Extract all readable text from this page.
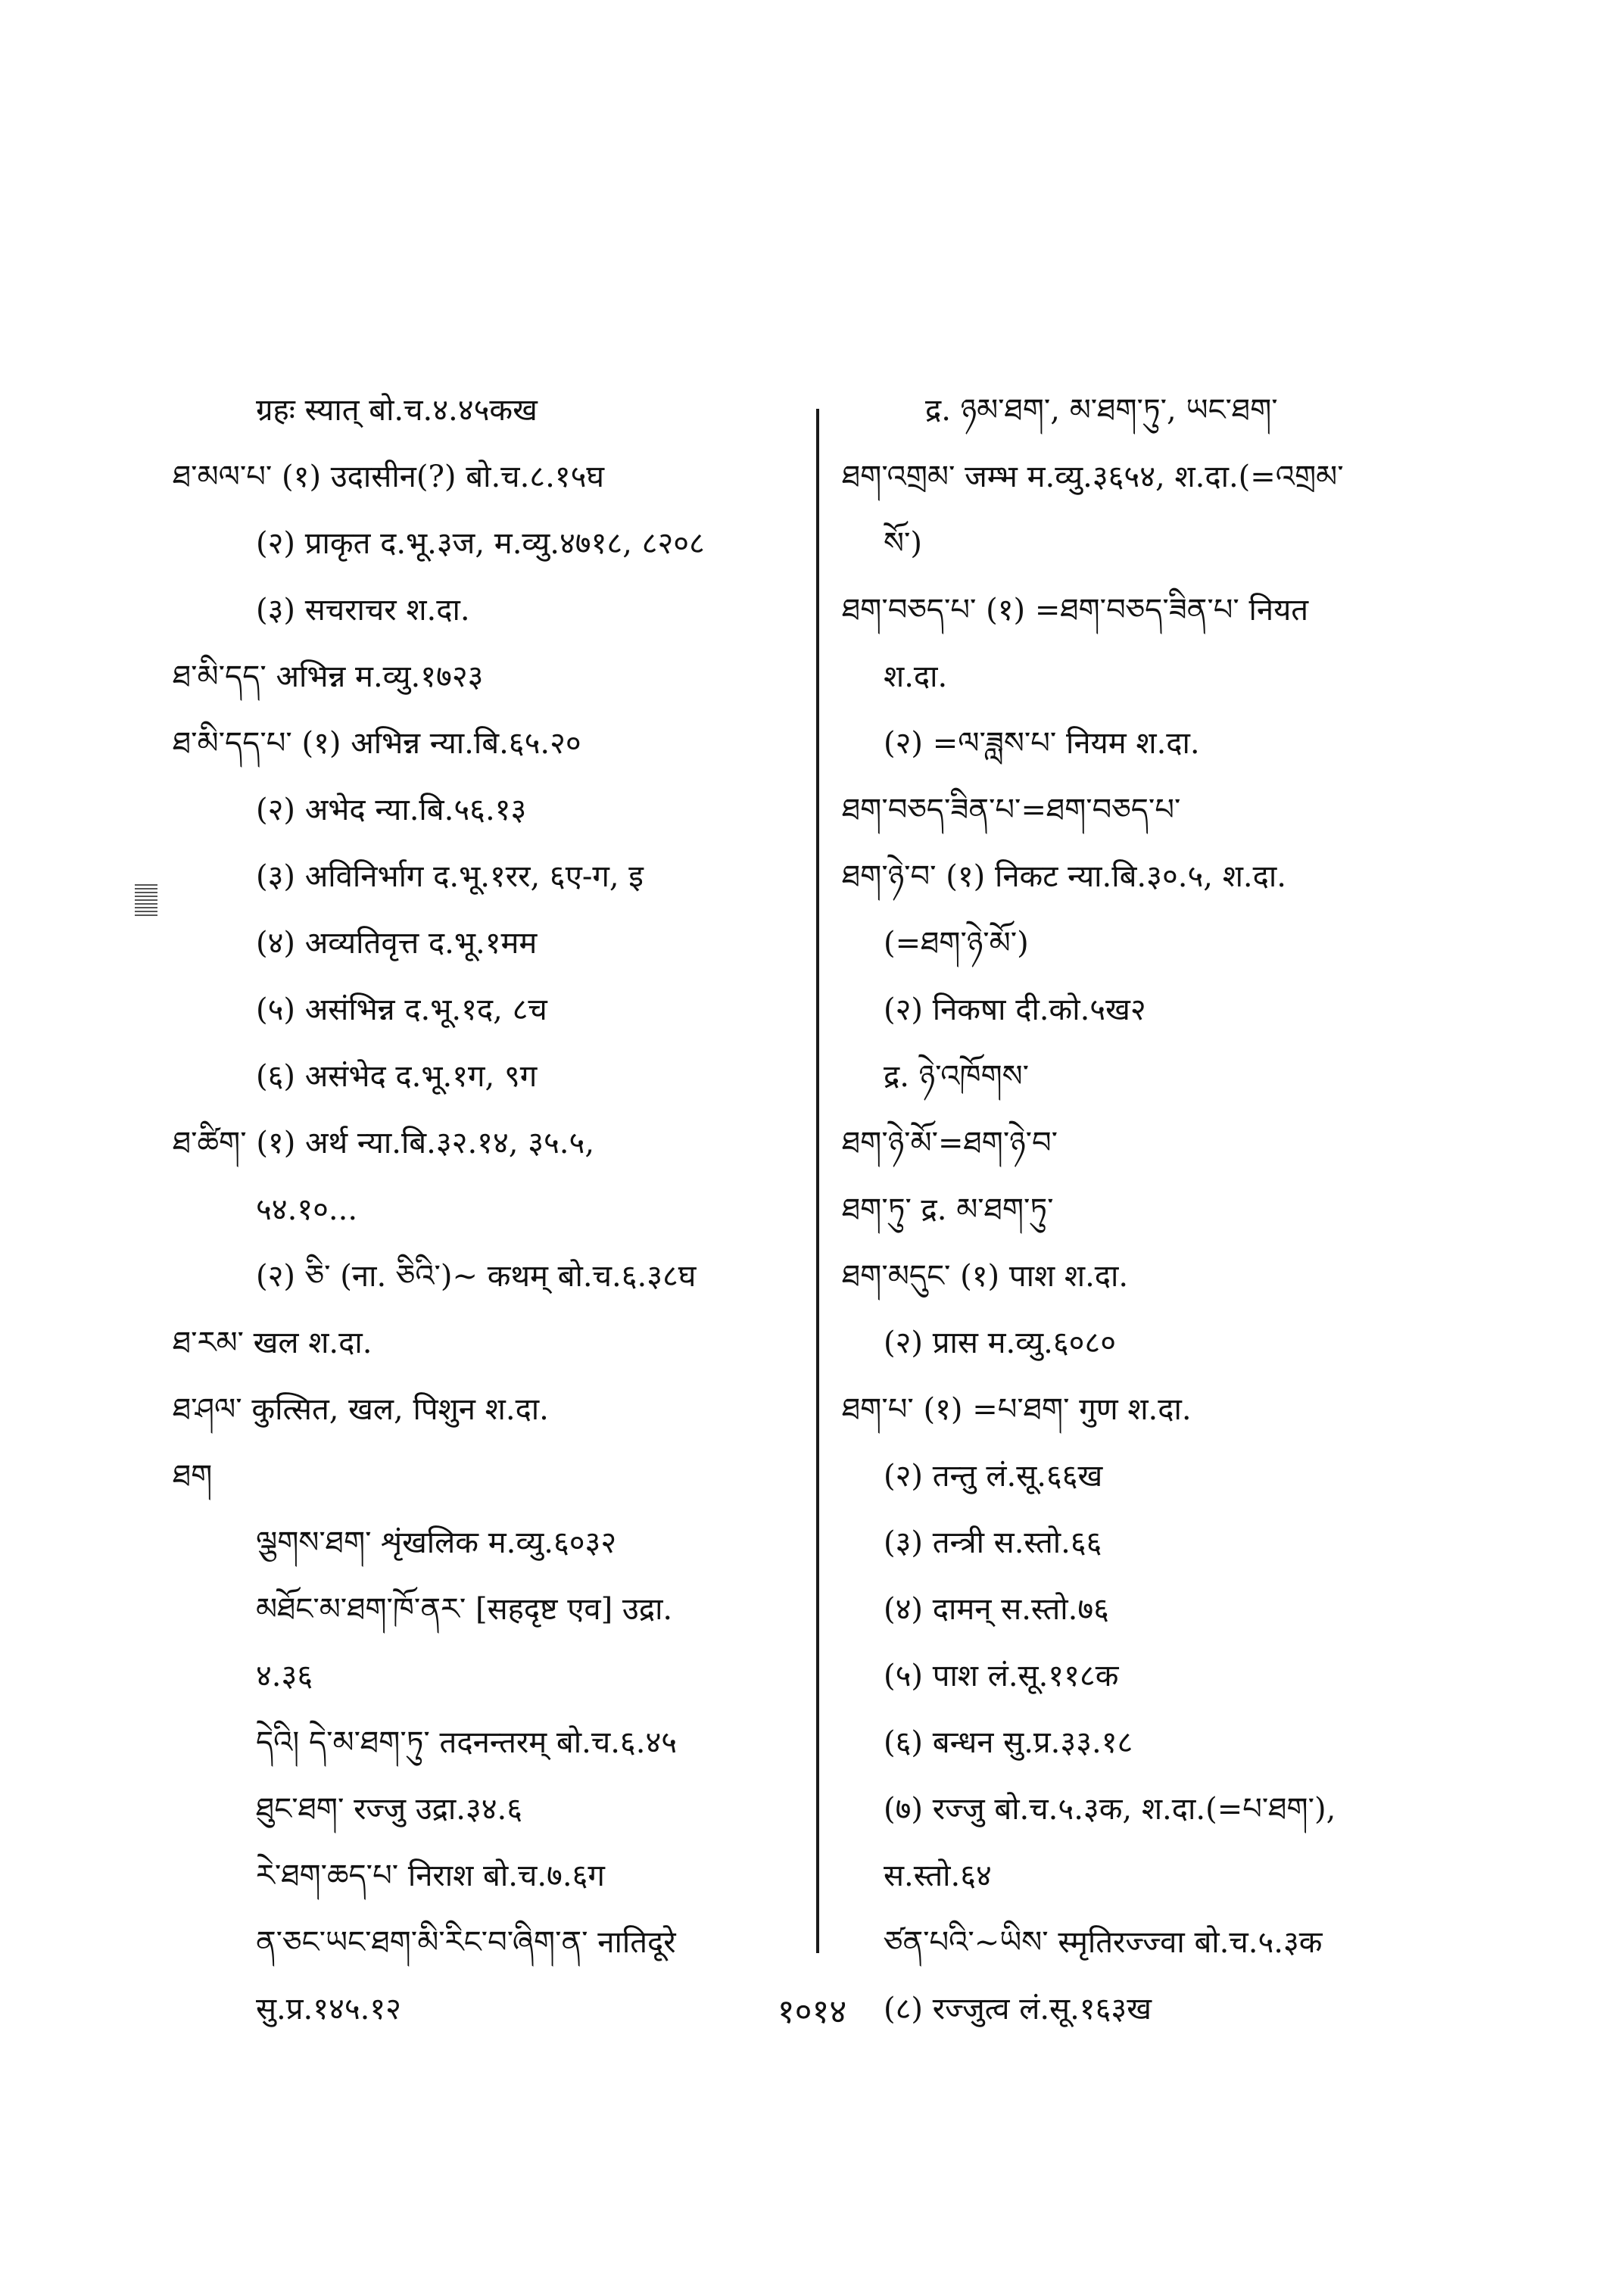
ग्रहः स्यात् बो.च.४.४५कख
ཐ་མལ་པ་ (१) उदासीन(?) बो.च.८.१५घ
(२) प्राकृत द.भू.३ज, म.व्यु.४७१८, ८२०८
(३) सचराचर श.दा.
ཐ་མི་དད་ अभिन्न म.व्यु.१७२३
ཐ་མི་དད་པ་ (१) अभिन्न न्या.बि.६५.२०
(२) अभेद न्या.बि.५६.१३
(३) अविनिर्भाग द.भू.१रर, ६ए-ग, इ
(४) अव्यतिवृत्त द.भू.१मम
(५) असंभिन्न द.भू.१द, ८च
(६) असंभेद द.भू.१ग, ९ग
ཐ་ཚིག་ (१) अर्थ न्या.बि.३२.१४, ३५.५,
५४.१०...
(२) ཅི་ (ना. ཅིའི་)~ कथम् बो.च.६.३८घ
ཐ་རམ་ खल श.दा.
ཐ་ཤལ་ कुत्सित, खल, पिशुन श.दा.
ཐག
ལྕགས་ཐག་ शृंखलिक म.व्यु.६०३२
མཐོང་མ་ཐག་ཁོ་ནར་ [सहदृष्ट एव] उद्रा.
४.३६
དེའི། དེ་མ་ཐག་ཏུ་ तदनन्तरम् बो.च.६.४५
ཐུང་ཐག་ रज्जु उद्रा.३४.६
རེ་ཐག་ཆད་པ་ निराश बो.च.७.६ग
ན་ཅང་ཡང་ཐག་མི་རིང་བ་ཞིག་ན་ नातिदूरे
सु.प्र.१४५.१२
द्र. ཉམ་ཐག་, མ་ཐག་ཏུ་, ཡང་ཐག་
ཐག་འགྲམ་ जम्भ म.व्यु.३६५४, श.दा.(=འགྲམ་
སོ་)
ཐག་བཅད་པ་ (१) =ཐག་བཅད་ཟིན་པ་ नियत
श.दा.
(२) =ལ་ཟླས་པ་ नियम श.दा.
ཐག་བཅད་ཟིན་པ་=ཐག་བཅད་པ་
ཐག་ཉེ་བ་ (१) निकट न्या.बि.३०.५, श.दा.
(=ཐག་ཉེ་མོ་)
(२) निकषा दी.को.५ख२
द्र. ཉེ་འཁོགས་
ཐག་ཉེ་མོ་=ཐག་ཉེ་བ་
ཐག་ཏུ་ द्र. མ་ཐག་ཏུ་
ཐག་མདུང་ (१) पाश श.दा.
(२) प्रास म.व्यु.६०८०
ཐག་པ་ (१) =པ་ཐག་ गुण श.दा.
(२) तन्तु लं.सू.६६ख
(३) तन्त्री स.स्तो.६६
(४) दामन् स.स्तो.७६
(५) पाश लं.सू.११८क
(६) बन्धन सु.प्र.३३.१८
(७) रज्जु बो.च.५.३क, श.दा.(=པ་ཐག་),
स.स्तो.६४
ཙན་པའི་~ཡིས་ स्मृतिरज्ज्वा बो.च.५.३क
(८) रज्जुत्व लं.सू.१६३ख
१०१४
